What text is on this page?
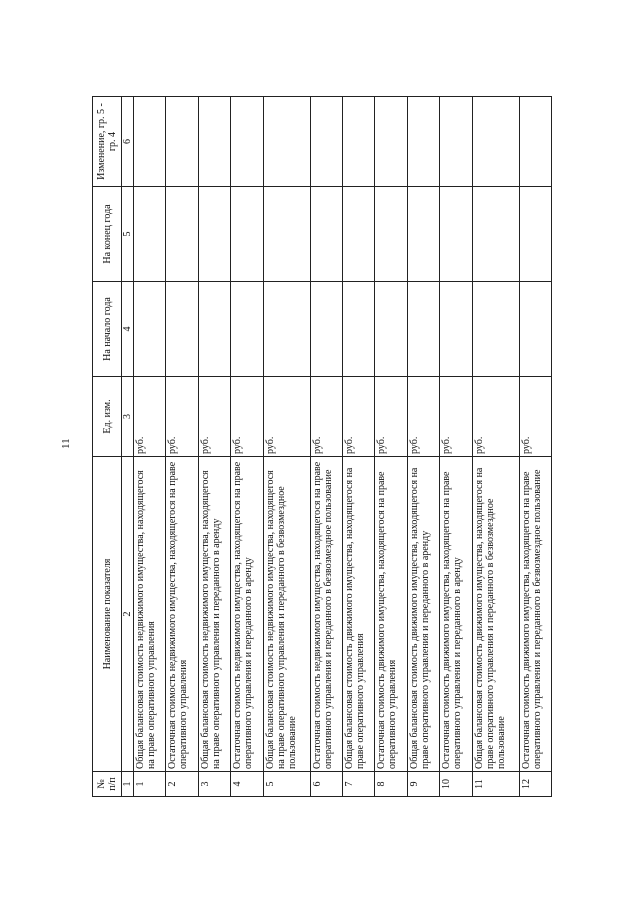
11
№ п/п	Наименование показателя	Ед. изм.	На начало года	На конец года	Изменение, гр. 5 - гр. 4
1	2	3	4	5	6
1	Общая балансовая стоимость недвижимого имущества, находящегося на праве оперативного управления	руб.			
2	Остаточная стоимость недвижимого имущества, находящегося на праве оперативного управления	руб.			
3	Общая балансовая стоимость недвижимого имущества, находящегося на праве оперативного управления и переданного в аренду	руб.			
4	Остаточная стоимость недвижимого имущества, находящегося на праве оперативного управления и переданного в аренду	руб.			
5	Общая балансовая стоимость недвижимого имущества, находящегося на праве оперативного управления и переданного в безвозмездное пользование	руб.			
6	Остаточная стоимость недвижимого имущества, находящегося на праве оперативного управления и переданного в безвозмездное пользование	руб.			
7	Общая балансовая стоимость движимого имущества, находящегося на праве оперативного управления	руб.			
8	Остаточная стоимость движимого имущества, находящегося на праве оперативного управления	руб.			
9	Общая балансовая стоимость движимого имущества, находящегося на праве оперативного управления и переданного в аренду	руб.			
10	Остаточная стоимость движимого имущества, находящегося на праве оперативного управления и переданного в аренду	руб.			
11	Общая балансовая стоимость движимого имущества, находящегося на праве оперативного управления и переданного в безвозмездное пользование	руб.			
12	Остаточная стоимость движимого имущества, находящегося на праве оперативного управления и переданного в безвозмездное пользование	руб.			
